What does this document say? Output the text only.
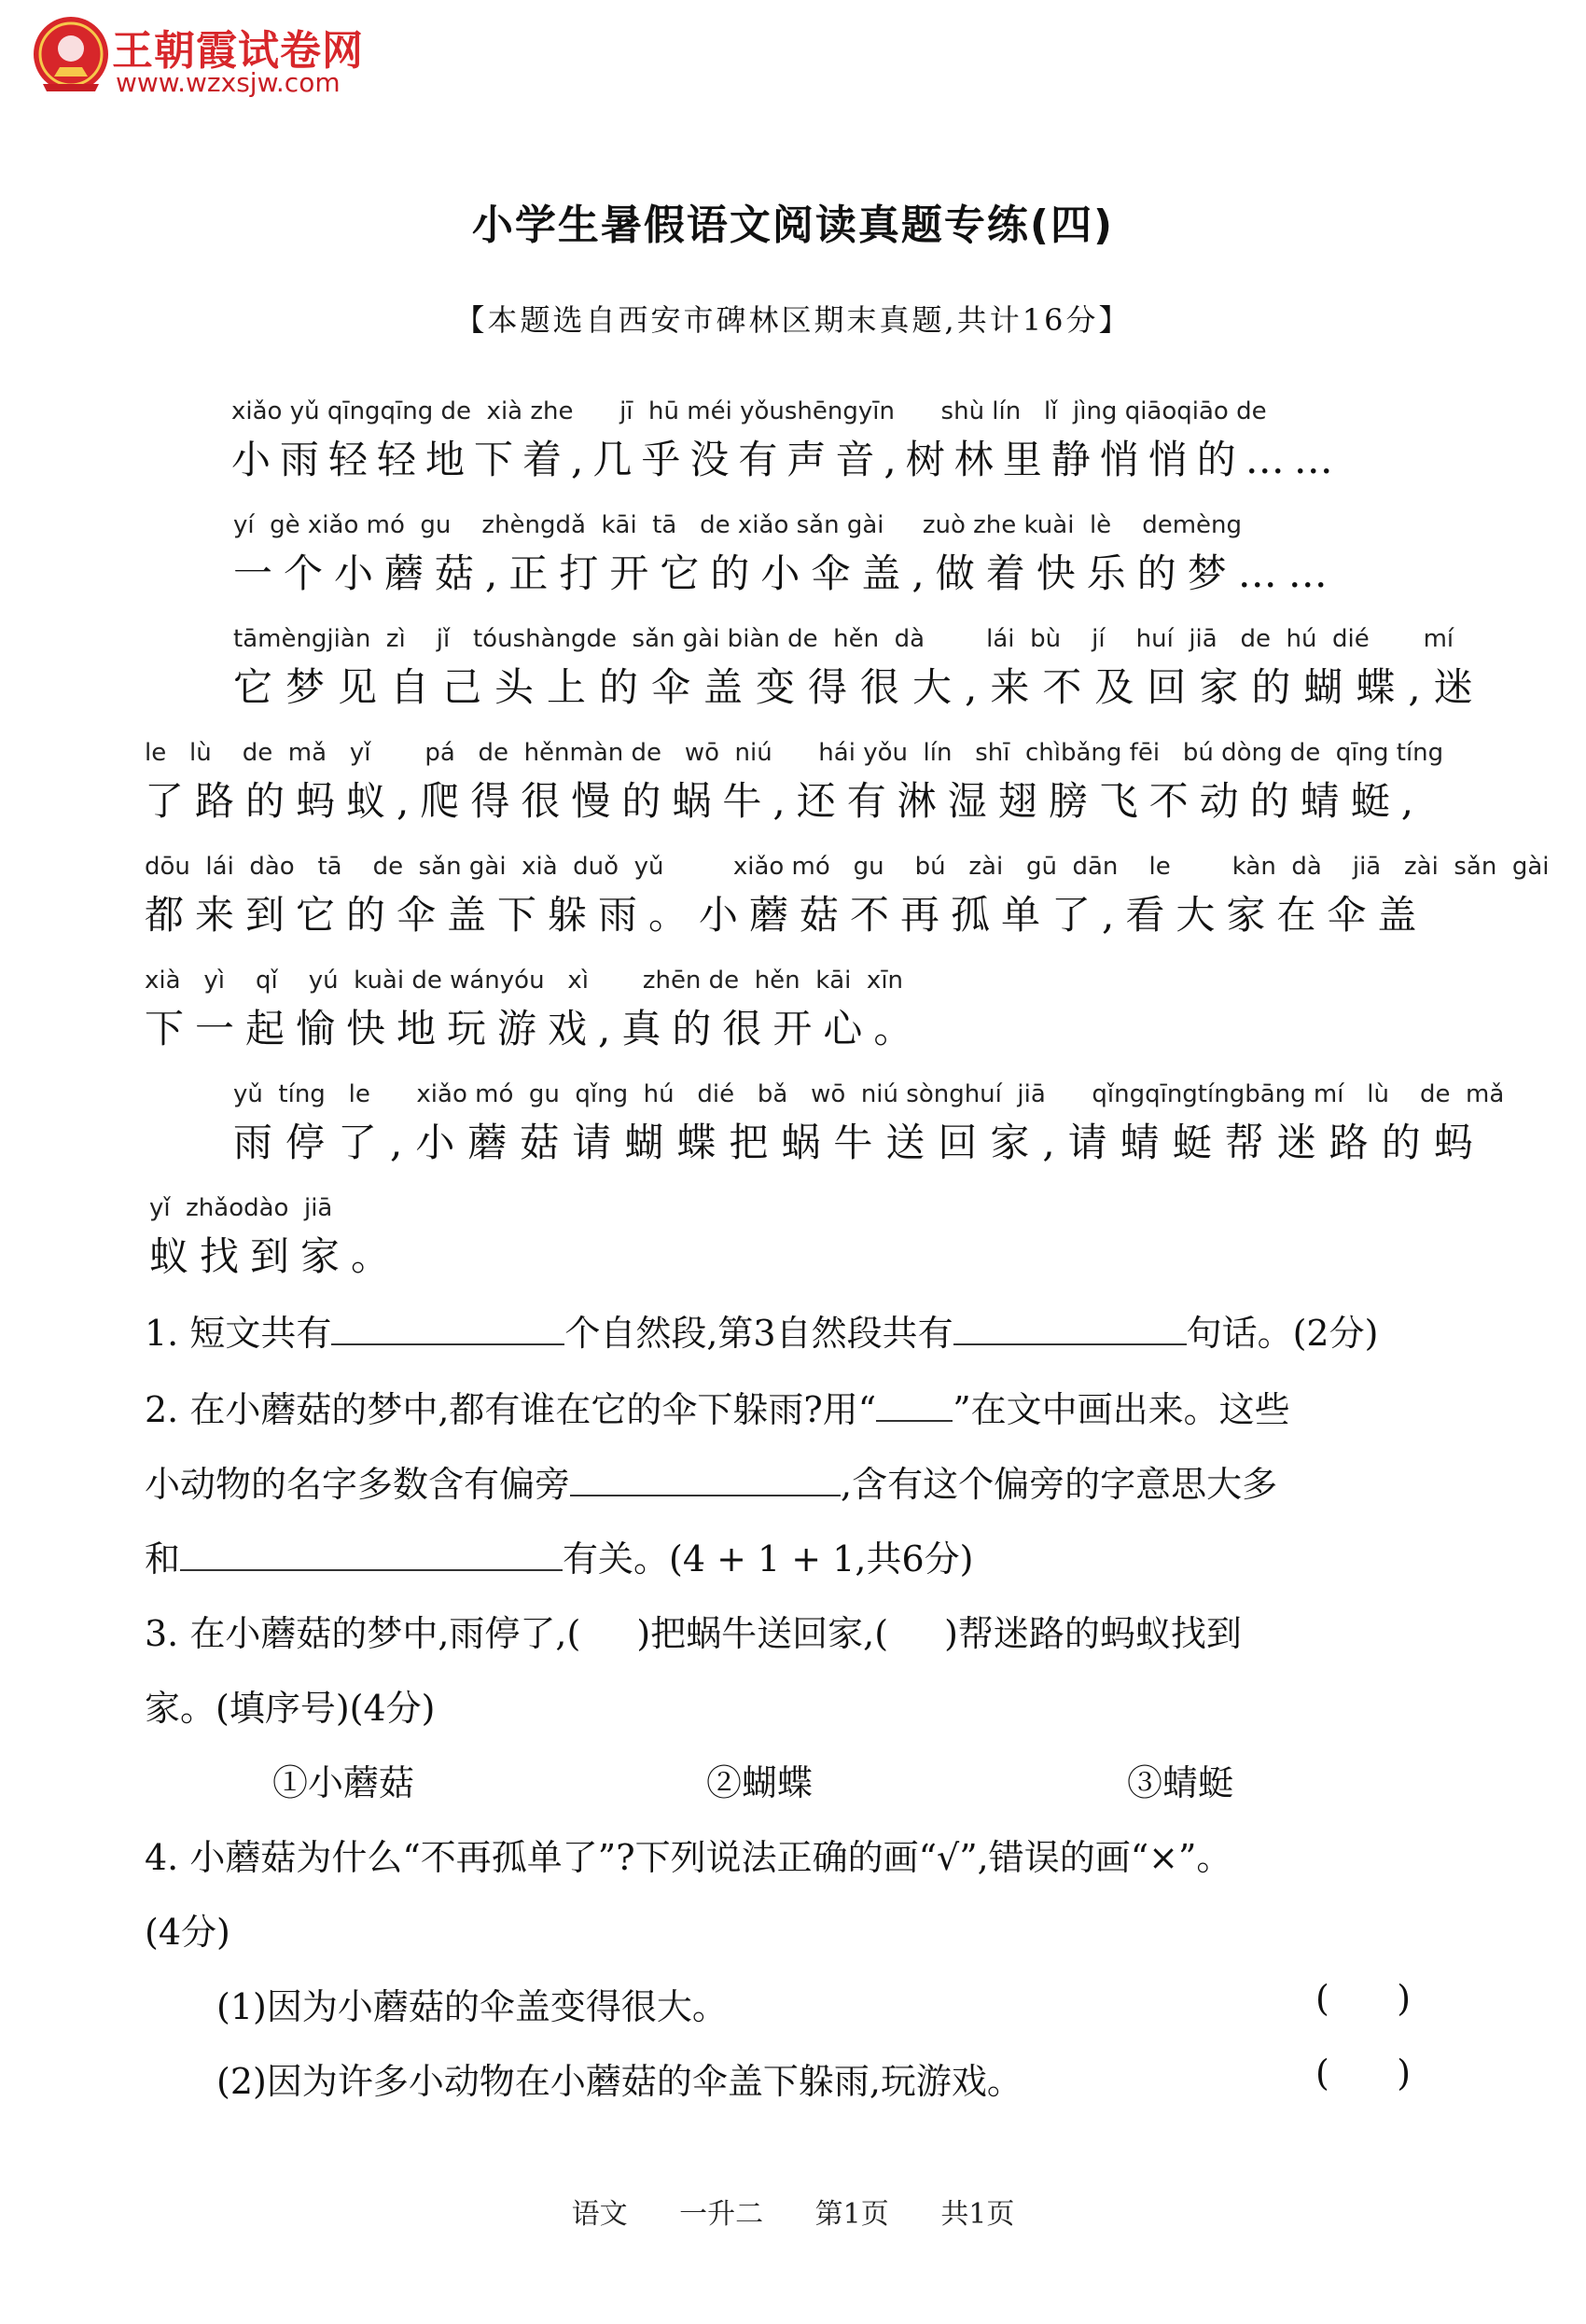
王朝霞试卷网
www.wzxsjw.com
小学生暑假语文阅读真题专练(四)
【本题选自西安市碑林区期末真题,共计16分】
xiǎo yǔ qīngqīng de  xià zhe      jī  hū méi yǒushēngyīn      shù lín   lǐ  jìng qiāoqiāo de
小雨轻轻地下着,几乎没有声音,树林里静悄悄的……
yí  gè xiǎo mó  gu    zhèngdǎ  kāi  tā   de xiǎo sǎn gài     zuò zhe kuài  lè    demèng
一个小蘑菇,正打开它的小伞盖,做着快乐的梦……
tāmèngjiàn  zì    jǐ   tóushàngde  sǎn gài biàn de  hěn  dà        lái  bù    jí    huí  jiā   de  hú  dié       mí
它梦见自己头上的伞盖变得很大,来不及回家的蝴蝶,迷
le   lù    de  mǎ   yǐ       pá   de  hěnmàn de   wō  niú      hái yǒu  lín   shī  chìbǎng fēi   bú dòng de  qīng tíng
了路的蚂蚁,爬得很慢的蜗牛,还有淋湿翅膀飞不动的蜻蜓,
dōu  lái  dào   tā    de  sǎn gài  xià  duǒ  yǔ         xiǎo mó   gu    bú   zài   gū  dān    le        kàn  dà    jiā   zài  sǎn  gài
都来到它的伞盖下躲雨。小蘑菇不再孤单了,看大家在伞盖
xià   yì    qǐ    yú  kuài de wányóu   xì       zhēn de  hěn  kāi  xīn
下一起愉快地玩游戏,真的很开心。
yǔ  tíng   le      xiǎo mó  gu  qǐng  hú   dié   bǎ   wō  niú sònghuí  jiā      qǐngqīngtíngbāng mí   lù    de  mǎ
雨停了,小蘑菇请蝴蝶把蜗牛送回家,请蜻蜓帮迷路的蚂
yǐ  zhǎodào  jiā
蚁找到家。
1. 短文共有	个自然段,第3自然段共有	句话。(2分)
2. 在小蘑菇的梦中,都有谁在它的伞下躲雨?用“ ”在文中画出来。这些
小动物的名字多数含有偏旁	,含有这个偏旁的字意思大多
和	有关。(4 + 1 + 1,共6分)
3. 在小蘑菇的梦中,雨停了,( )把蜗牛送回家,( )帮迷路的蚂蚁找到
家。(填序号)(4分)
①小蘑菇	②蝴蝶	③蜻蜓
4. 小蘑菇为什么“不再孤单了”?下列说法正确的画“√”,错误的画“×”。
(4分)
(1)因为小蘑菇的伞盖变得很大。	(      )
(2)因为许多小动物在小蘑菇的伞盖下躲雨,玩游戏。	(      )
语文 一升二 第1页 共1页
